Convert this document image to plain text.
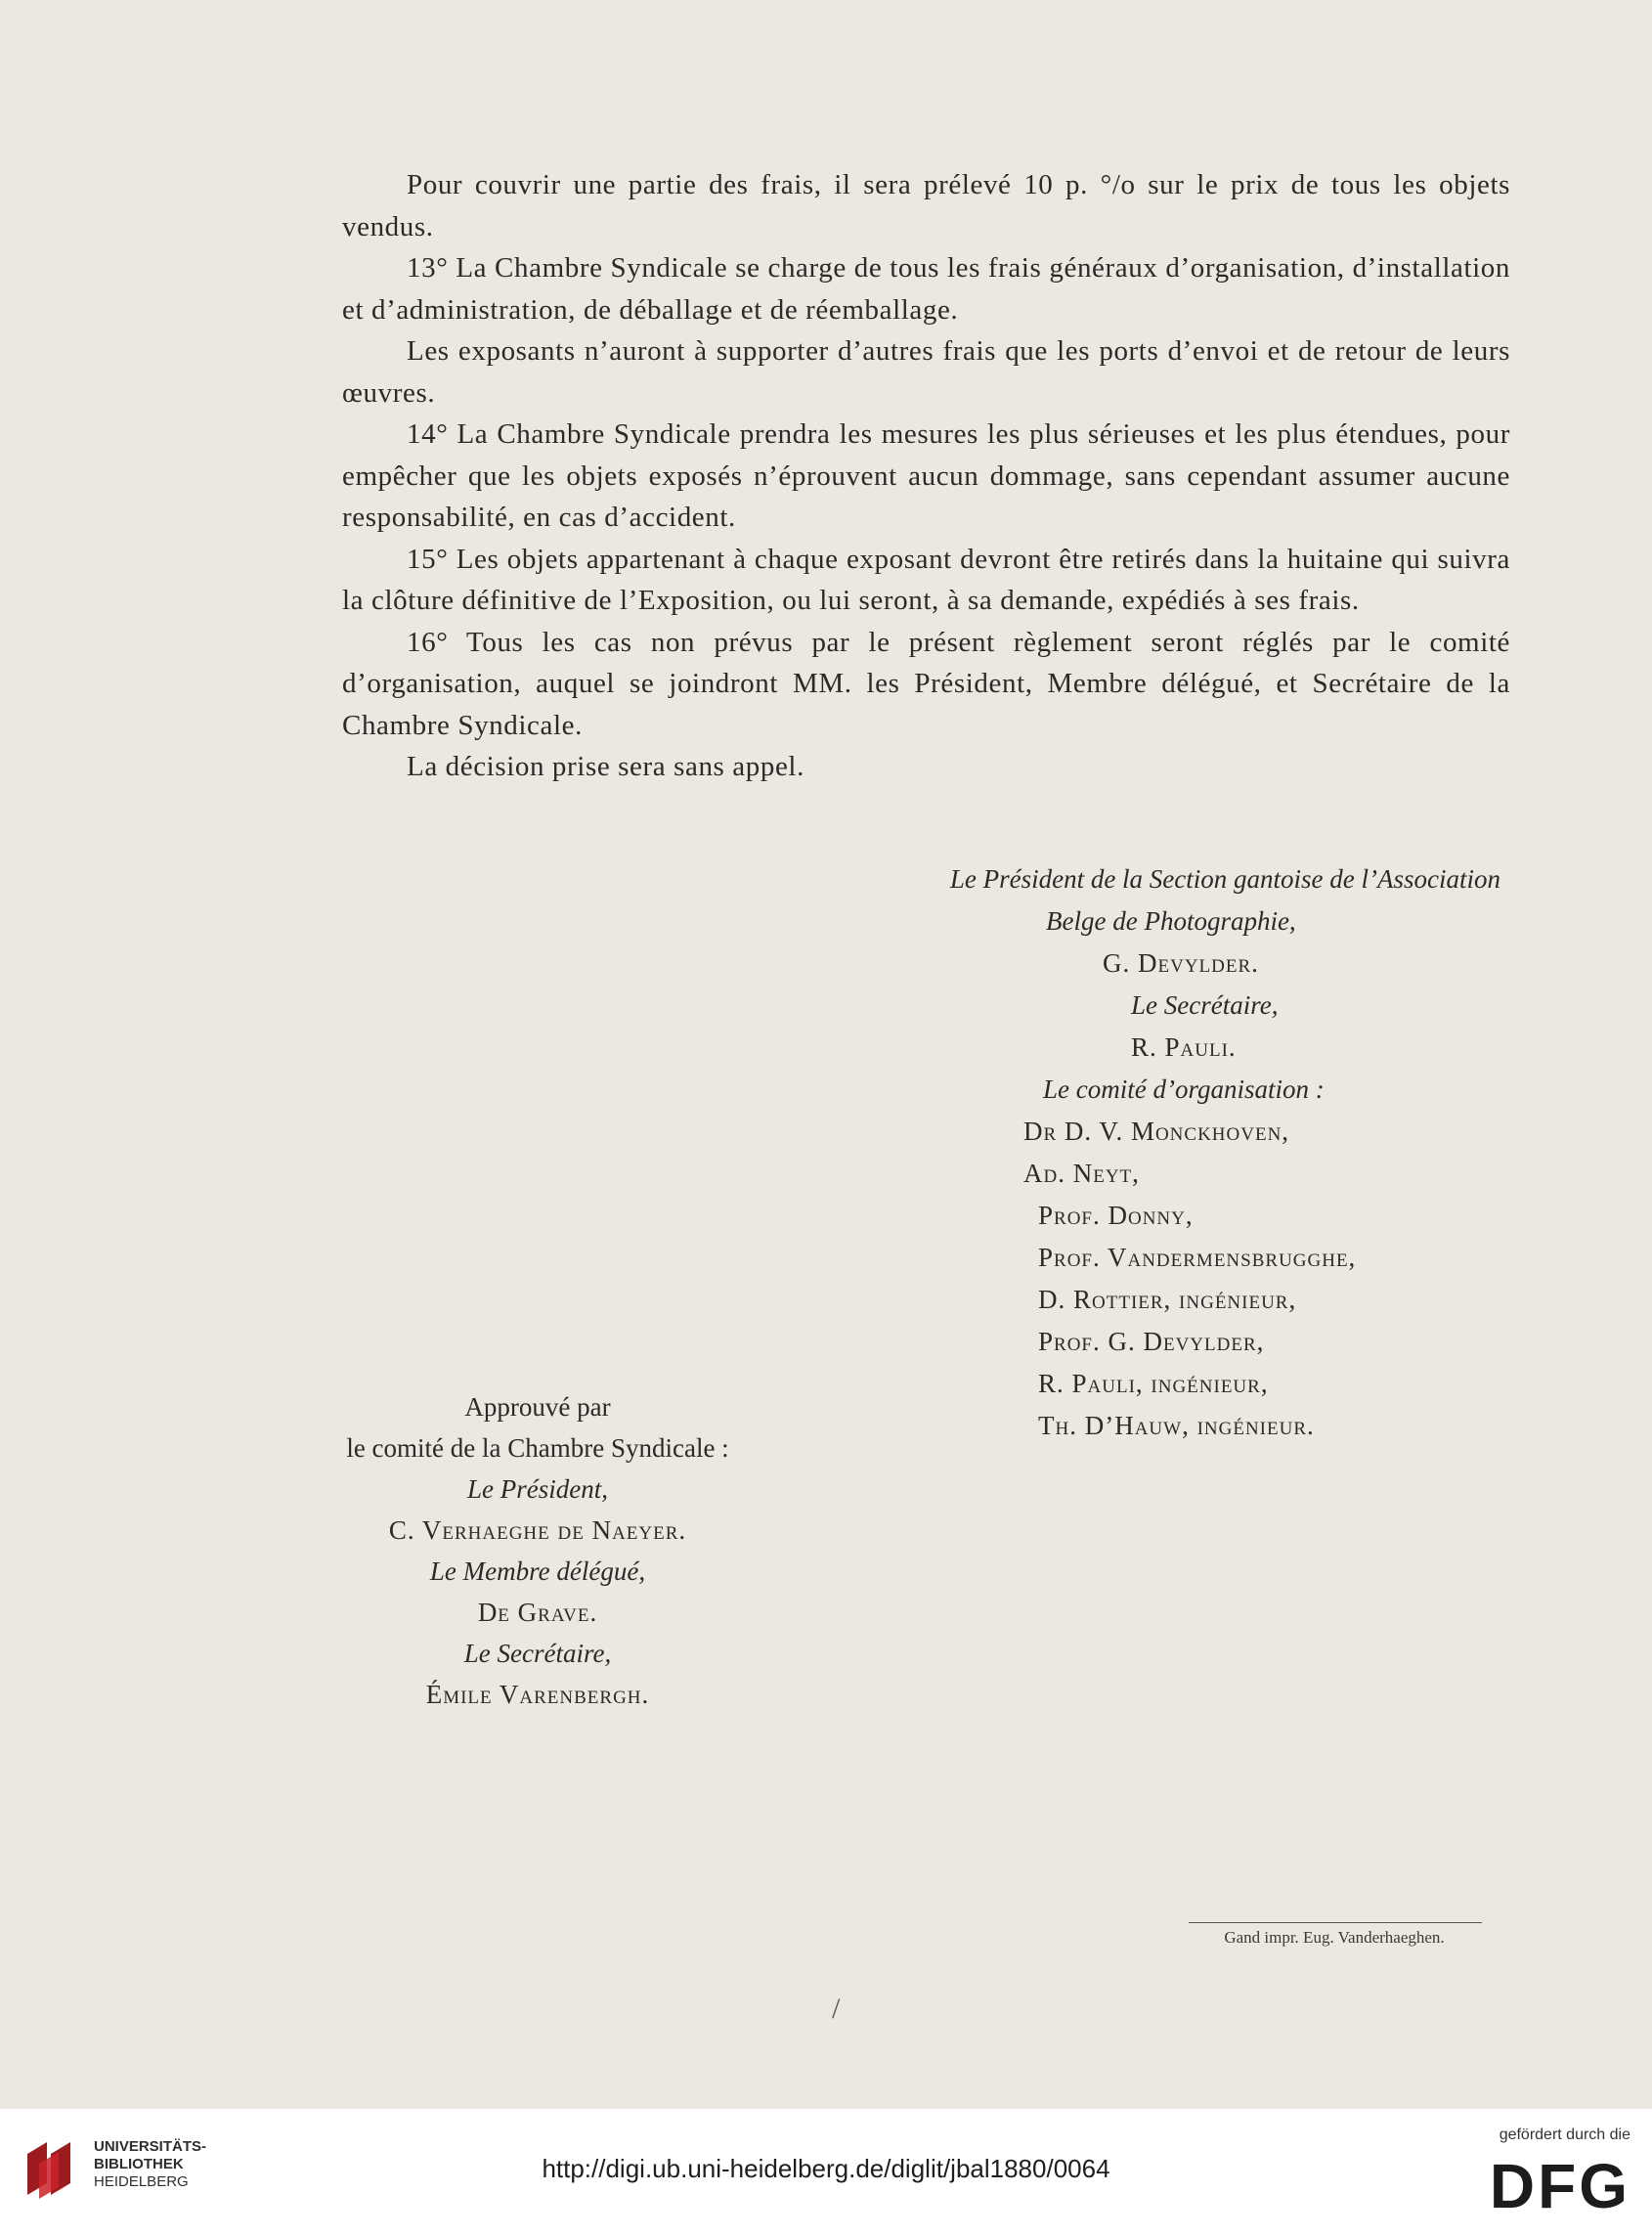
Pour couvrir une partie des frais, il sera prélevé 10 p. °/o sur le prix de tous les objets vendus.

13° La Chambre Syndicale se charge de tous les frais généraux d’organisation, d’installation et d’administration, de déballage et de réemballage.

Les exposants n’auront à supporter d’autres frais que les ports d’envoi et de retour de leurs œuvres.

14° La Chambre Syndicale prendra les mesures les plus sérieuses et les plus étendues, pour empêcher que les objets exposés n’éprouvent aucun dommage, sans cependant assumer aucune responsabilité, en cas d’accident.

15° Les objets appartenant à chaque exposant devront être retirés dans la huitaine qui suivra la clôture définitive de l’Exposition, ou lui seront, à sa demande, expédiés à ses frais.

16° Tous les cas non prévus par le présent règlement seront réglés par le comité d’organisation, auquel se joindront MM. les Président, Membre délégué, et Secrétaire de la Chambre Syndicale.

La décision prise sera sans appel.

Le Président de la Section gantoise de l’Association
Belge de Photographie,
G. Devylder.
Le Secrétaire,
R. Pauli.
Le comité d’organisation :
Dr D. V. Monckhoven,
Ad. Neyt,
Prof. Donny,
Prof. Vandermensbrugghe,
D. Rottier, ingénieur,
Prof. G. Devylder,
R. Pauli, ingénieur,
Th. D’Hauw, ingénieur.
Approuvé par
le comité de la Chambre Syndicale :
Le Président,
C. Verhaeghe de Naeyer.
Le Membre délégué,
De Grave.
Le Secrétaire,
Émile Varenbergh.
Gand impr. Eug. Vanderhaeghen.
/
UNIVERSITÄTS-
BIBLIOTHEK
HEIDELBERG	http://digi.ub.uni-heidelberg.de/diglit/jbal1880/0064
gefördert durch die
DFG
